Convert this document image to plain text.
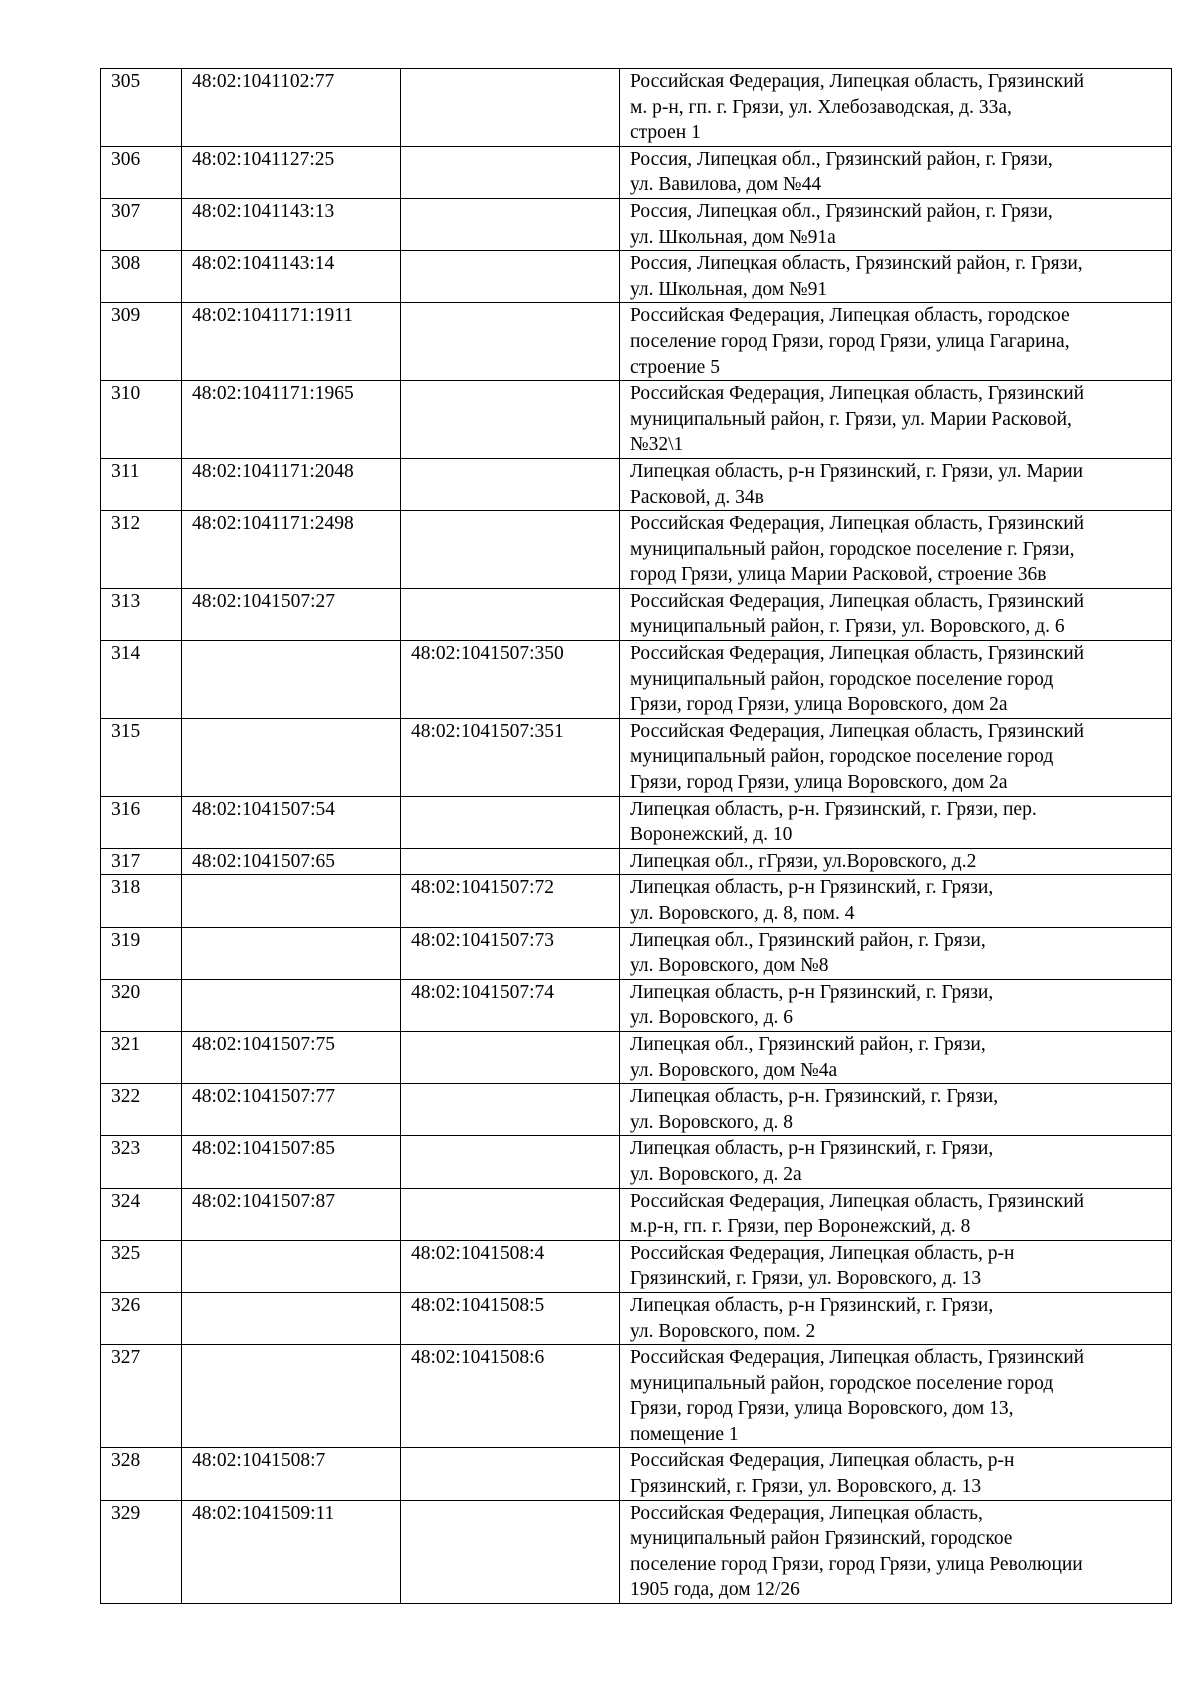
305	48:02:1041102:77		Российская Федерация, Липецкая область, Грязинский
м. р-н, гп. г. Грязи, ул. Хлебозаводская, д. 33а,
строен 1
306	48:02:1041127:25		Россия, Липецкая обл., Грязинский район, г. Грязи,
ул. Вавилова, дом №44
307	48:02:1041143:13		Россия, Липецкая обл., Грязинский район, г. Грязи,
ул. Школьная, дом №91а
308	48:02:1041143:14		Россия, Липецкая область, Грязинский район, г. Грязи,
ул. Школьная, дом №91
309	48:02:1041171:1911		Российская Федерация, Липецкая область, городское
поселение город Грязи, город Грязи, улица Гагарина,
строение 5
310	48:02:1041171:1965		Российская Федерация, Липецкая область, Грязинский
муниципальный район, г. Грязи, ул. Марии Расковой,
№32\1
311	48:02:1041171:2048		Липецкая область, р-н Грязинский, г. Грязи, ул. Марии
Расковой, д. 34в
312	48:02:1041171:2498		Российская Федерация, Липецкая область, Грязинский
муниципальный район, городское поселение г. Грязи,
город Грязи, улица Марии Расковой, строение 36в
313	48:02:1041507:27		Российская Федерация, Липецкая область, Грязинский
муниципальный район, г. Грязи, ул. Воровского, д. 6
314		48:02:1041507:350	Российская Федерация, Липецкая область, Грязинский
муниципальный район, городское поселение город
Грязи, город Грязи, улица Воровского, дом 2а
315		48:02:1041507:351	Российская Федерация, Липецкая область, Грязинский
муниципальный район, городское поселение город
Грязи, город Грязи, улица Воровского, дом 2а
316	48:02:1041507:54		Липецкая область, р-н. Грязинский, г. Грязи, пер.
Воронежский, д. 10
317	48:02:1041507:65		Липецкая обл., гГрязи, ул.Воровского, д.2
318		48:02:1041507:72	Липецкая область, р-н Грязинский, г. Грязи,
ул. Воровского, д. 8, пом. 4
319		48:02:1041507:73	Липецкая обл., Грязинский район, г. Грязи,
ул. Воровского, дом №8
320		48:02:1041507:74	Липецкая область, р-н Грязинский, г. Грязи,
ул. Воровского, д. 6
321	48:02:1041507:75		Липецкая обл., Грязинский район, г. Грязи,
ул. Воровского, дом №4а
322	48:02:1041507:77		Липецкая область, р-н. Грязинский, г. Грязи,
ул. Воровского, д. 8
323	48:02:1041507:85		Липецкая область, р-н Грязинский, г. Грязи,
ул. Воровского, д. 2а
324	48:02:1041507:87		Российская Федерация, Липецкая область, Грязинский
м.р-н, гп. г. Грязи, пер Воронежский, д. 8
325		48:02:1041508:4	Российская Федерация, Липецкая область, р-н
Грязинский, г. Грязи, ул. Воровского, д. 13
326		48:02:1041508:5	Липецкая область, р-н Грязинский, г. Грязи,
ул. Воровского, пом. 2
327		48:02:1041508:6	Российская Федерация, Липецкая область, Грязинский
муниципальный район, городское поселение город
Грязи, город Грязи, улица Воровского, дом 13,
помещение 1
328	48:02:1041508:7		Российская Федерация, Липецкая область, р-н
Грязинский, г. Грязи, ул. Воровского, д. 13
329	48:02:1041509:11		Российская Федерация, Липецкая область,
муниципальный район Грязинский, городское
поселение город Грязи, город Грязи, улица Революции
1905 года, дом 12/26
